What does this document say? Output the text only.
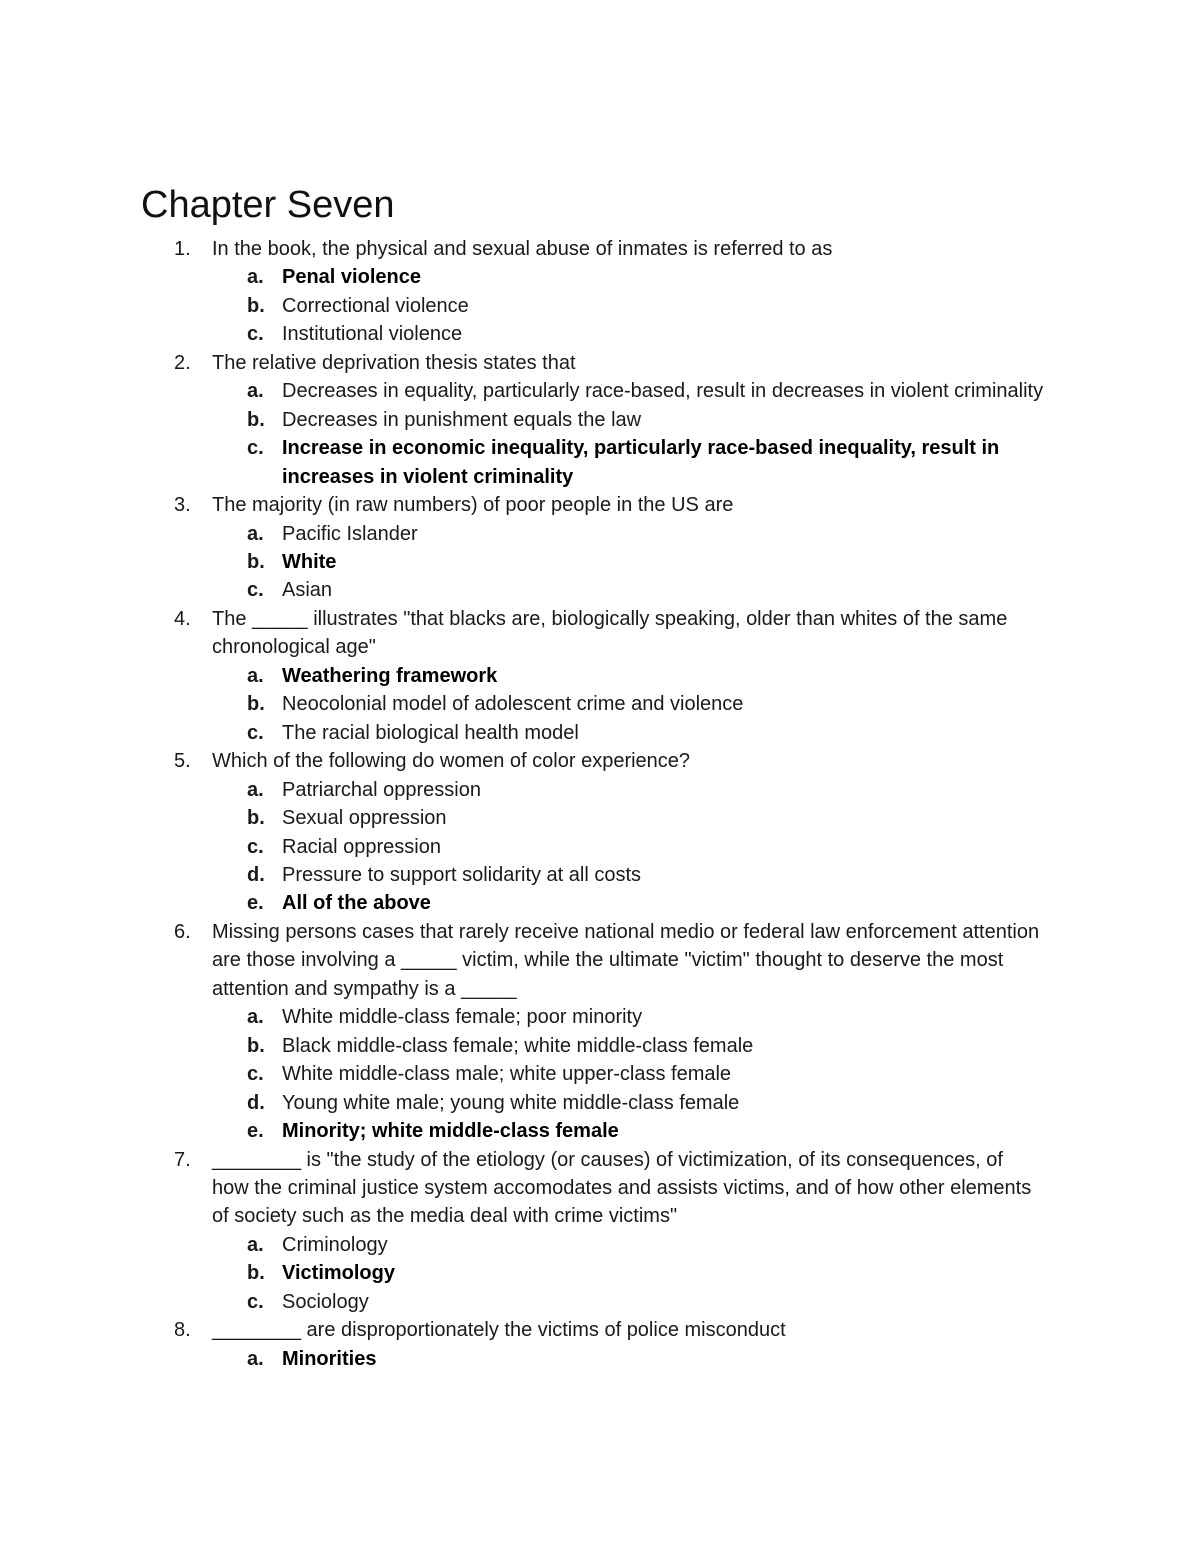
Chapter Seven
1.	In the book, the physical and sexual abuse of inmates is referred to as
a. Penal violence
b. Correctional violence
c. Institutional violence
2.	The relative deprivation thesis states that
a. Decreases in equality, particularly race-based, result in decreases in violent criminality
b. Decreases in punishment equals the law
c. Increase in economic inequality, particularly race-based inequality, result in increases in violent criminality
3.	The majority (in raw numbers) of poor people in the US are
a. Pacific Islander
b. White
c. Asian
4.	The _____ illustrates "that blacks are, biologically speaking, older than whites of the same chronological age"
a. Weathering framework
b. Neocolonial model of adolescent crime and violence
c. The racial biological health model
5.	Which of the following do women of color experience?
a. Patriarchal oppression
b. Sexual oppression
c. Racial oppression
d. Pressure to support solidarity at all costs
e. All of the above
6.	Missing persons cases that rarely receive national medio or federal law enforcement attention are those involving a _____ victim, while the ultimate "victim" thought to deserve the most attention and sympathy is a _____
a. White middle-class female; poor minority
b. Black middle-class female; white middle-class female
c. White middle-class male; white upper-class female
d. Young white male; young white middle-class female
e. Minority; white middle-class female
7.	________ is "the study of the etiology (or causes) of victimization, of its consequences, of how the criminal justice system accomodates and assists victims, and of how other elements of society such as the media deal with crime victims"
a. Criminology
b. Victimology
c. Sociology
8.	________ are disproportionately the victims of police misconduct
a. Minorities
